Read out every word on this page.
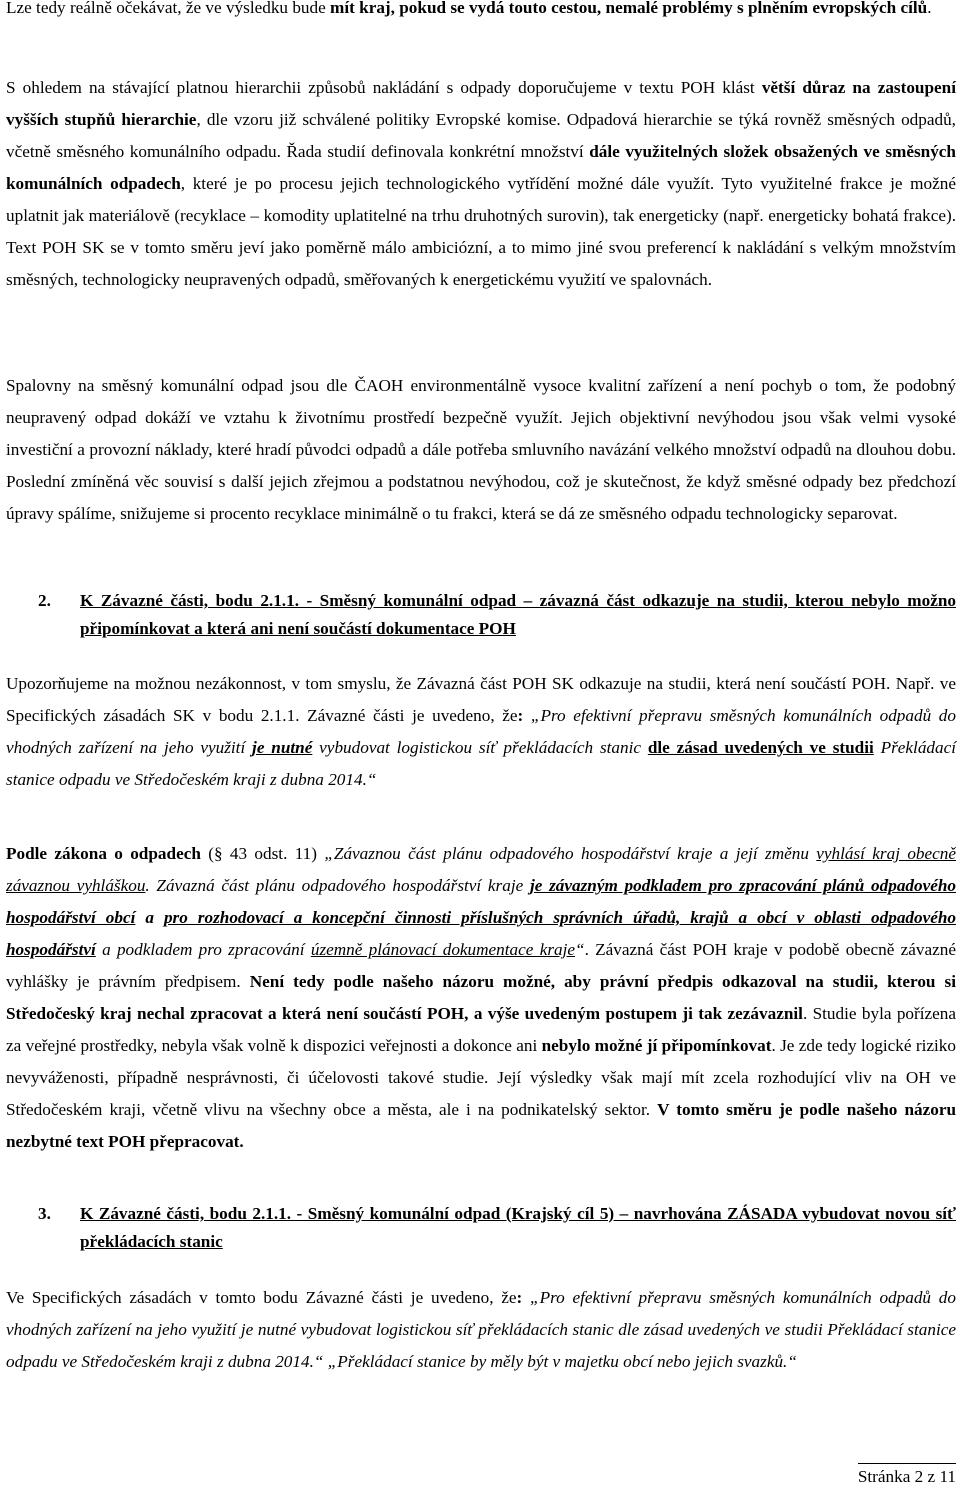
Lze tedy reálně očekávat, že ve výsledku bude mít kraj, pokud se vydá touto cestou, nemalé problémy s plněním evropských cílů.

S ohledem na stávající platnou hierarchii způsobů nakládání s odpady doporučujeme v textu POH klást větší důraz na zastoupení vyšších stupňů hierarchie, dle vzoru již schválené politiky Evropské komise. Odpadová hierarchie se týká rovněž směsných odpadů, včetně směsného komunálního odpadu. Řada studií definovala konkrétní množství dále využitelných složek obsažených ve směsných komunálních odpadech, které je po procesu jejich technologického vytřídění možné dále využít. Tyto využitelné frakce je možné uplatnit jak materiálově (recyklace – komodity uplatitelné na trhu druhotných surovin), tak energeticky (např. energeticky bohatá frakce). Text POH SK se v tomto směru jeví jako poměrně málo ambiciózní, a to mimo jiné svou preferencí k nakládání s velkým množstvím směsných, technologicky neupravených odpadů, směřovaných k energetickému využití ve spalovnách.

Spalovny na směsný komunální odpad jsou dle ČAOH environmentálně vysoce kvalitní zařízení a není pochyb o tom, že podobný neupravený odpad dokáží ve vztahu k životnímu prostředí bezpečně využít. Jejich objektivní nevýhodou jsou však velmi vysoké investiční a provozní náklady, které hradí původci odpadů a dále potřeba smluvního navázání velkého množství odpadů na dlouhou dobu. Poslední zmíněná věc souvisí s další jejich zřejmou a podstatnou nevýhodou, což je skutečnost, že když směsné odpady bez předchozí úpravy spálíme, snižujeme si procento recyklace minimálně o tu frakci, která se dá ze směsného odpadu technologicky separovat.

2. K Závazné části, bodu 2.1.1. - Směsný komunální odpad – závazná část odkazuje na studii, kterou nebylo možno připomínkovat a která ani není součástí dokumentace POH

Upozorňujeme na možnou nezákonnost, v tom smyslu, že Závazná část POH SK odkazuje na studii, která není součástí POH. Např. ve Specifických zásadách SK v bodu 2.1.1. Závazné části je uvedeno, že: „Pro efektivní přepravu směsných komunálních odpadů do vhodných zařízení na jeho využití je nutné vybudovat logistickou síť překládacích stanic dle zásad uvedených ve studii Překládací stanice odpadu ve Středočeském kraji z dubna 2014.“

Podle zákona o odpadech (§ 43 odst. 11) „Závaznou část plánu odpadového hospodářství kraje a její změnu vyhlásí kraj obecně závaznou vyhláškou. Závazná část plánu odpadového hospodářství kraje je závazným podkladem pro zpracování plánů odpadového hospodářství obcí a pro rozhodovací a koncepční činnosti příslušných správních úřadů, krajů a obcí v oblasti odpadového hospodářství a podkladem pro zpracování územně plánovací dokumentace kraje“. Závazná část POH kraje v podobě obecně závazné vyhlášky je právním předpisem. Není tedy podle našeho názoru možné, aby právní předpis odkazoval na studii, kterou si Středočeský kraj nechal zpracovat a která není součástí POH, a výše uvedeným postupem ji tak zezávaznil. Studie byla pořízena za veřejné prostředky, nebyla však volně k dispozici veřejnosti a dokonce ani nebylo možné jí připomínkovat. Je zde tedy logické riziko nevyváženosti, případně nesprávnosti, či účelovosti takové studie. Její výsledky však mají mít zcela rozhodující vliv na OH ve Středočeském kraji, včetně vlivu na všechny obce a města, ale i na podnikatelský sektor. V tomto směru je podle našeho názoru nezbytné text POH přepracovat.

3. K Závazné části, bodu 2.1.1. - Směsný komunální odpad (Krajský cíl 5) – navrhována ZÁSADA vybudovat novou síť překládacích stanic

Ve Specifických zásadách v tomto bodu Závazné části je uvedeno, že: „Pro efektivní přepravu směsných komunálních odpadů do vhodných zařízení na jeho využití je nutné vybudovat logistickou síť překládacích stanic dle zásad uvedených ve studii Překládací stanice odpadu ve Středočeském kraji z dubna 2014.“ „Překládací stanice by měly být v majetku obcí nebo jejich svazků.“

Stránka 2 z 11
